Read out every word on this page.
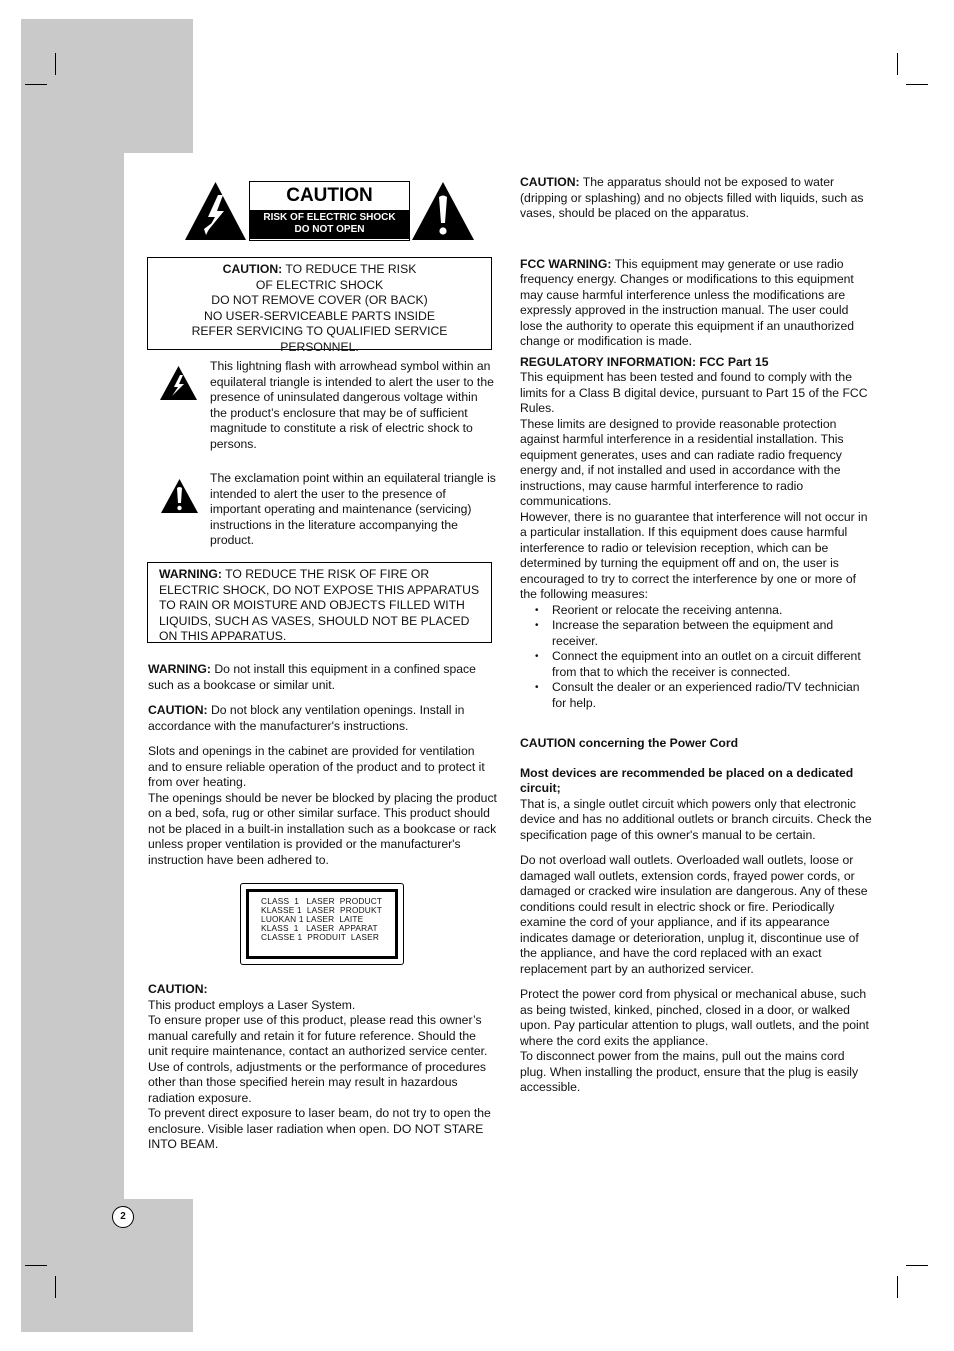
CAUTION
RISK OF ELECTRIC SHOCK
DO NOT OPEN

CAUTION: TO REDUCE THE RISK

OF ELECTRIC SHOCK

DO NOT REMOVE COVER (OR BACK)

NO USER-SERVICEABLE PARTS INSIDE

REFER SERVICING TO QUALIFIED SERVICE

PERSONNEL.

This lightning flash with arrowhead symbol within an equilateral triangle is intended to alert the user to the presence of uninsulated dangerous voltage within the product’s enclosure that may be of sufficient magnitude to constitute a risk of electric shock to persons.

The exclamation point within an equilateral triangle is intended to alert the user to the presence of important operating and maintenance (servicing) instructions in the literature accompanying the product.

WARNING: TO REDUCE THE RISK OF FIRE OR ELECTRIC SHOCK, DO NOT EXPOSE THIS APPARATUS TO RAIN OR MOISTURE AND OBJECTS FILLED WITH LIQUIDS, SUCH AS VASES, SHOULD NOT BE PLACED ON THIS APPARATUS.

WARNING: Do not install this equipment in a confined space such as a bookcase or similar unit.

CAUTION: Do not block any ventilation openings. Install in accordance with the manufacturer's instructions.

Slots and openings in the cabinet are provided for ventilation and to ensure reliable operation of the product and to protect it from over heating.

The openings should be never be blocked by placing the product on a bed, sofa, rug or other similar surface. This product should not be placed in a built-in installation such as a bookcase or rack unless proper ventilation is provided or the manufacturer's instruction have been adhered to.

CLASS  1   LASER  PRODUCT
KLASSE 1  LASER  PRODUKT
LUOKAN 1 LASER  LAITE
KLASS  1   LASER  APPARAT
CLASSE 1  PRODUIT  LASER

CAUTION:

This product employs a Laser System.

To ensure proper use of this product, please read this owner’s manual carefully and retain it for future reference. Should the unit require maintenance, contact an authorized service center.

Use of controls, adjustments or the performance of procedures other than those specified herein may result in hazardous radiation exposure.

To prevent direct exposure to laser beam, do not try to open the enclosure. Visible laser radiation when open. DO NOT STARE INTO BEAM.

CAUTION: The apparatus should not be exposed to water (dripping or splashing) and no objects filled with liquids, such as vases, should be placed on the apparatus.

FCC WARNING: This equipment may generate or use radio frequency energy. Changes or modifications to this equipment may cause harmful interference unless the modifications are expressly approved in the instruction manual. The user could lose the authority to operate this equipment if an unauthorized change or modification is made.

REGULATORY INFORMATION: FCC Part 15

This equipment has been tested and found to comply with the limits for a Class B digital device, pursuant to Part 15 of the FCC Rules.

These limits are designed to provide reasonable protection against harmful interference in a residential installation. This equipment generates, uses and can radiate radio frequency energy and, if not installed and used in accordance with the instructions, may cause harmful interference to radio communications.

However, there is no guarantee that interference will not occur in a particular installation. If this equipment does cause harmful interference to radio or television reception, which can be determined by turning the equipment off and on, the user is encouraged to try to correct the interference by one or more of the following measures:

• Reorient or relocate the receiving antenna.
• Increase the separation between the equipment and receiver.
• Connect the equipment into an outlet on a circuit different from that to which the receiver is connected.
• Consult the dealer or an experienced radio/TV technician for help.

CAUTION concerning the Power Cord

Most devices are recommended be placed on a dedicated circuit;

That is, a single outlet circuit which powers only that electronic device and has no additional outlets or branch circuits. Check the specification page of this owner's manual to be certain.

Do not overload wall outlets. Overloaded wall outlets, loose or damaged wall outlets, extension cords, frayed power cords, or damaged or cracked wire insulation are dangerous. Any of these conditions could result in electric shock or fire. Periodically examine the cord of your appliance, and if its appearance indicates damage or deterioration, unplug it, discontinue use of the appliance, and have the cord replaced with an exact replacement part by an authorized servicer.

Protect the power cord from physical or mechanical abuse, such as being twisted, kinked, pinched, closed in a door, or walked upon. Pay particular attention to plugs, wall outlets, and the point where the cord exits the appliance.

To disconnect power from the mains, pull out the mains cord plug. When installing the product, ensure that the plug is easily accessible.

2
